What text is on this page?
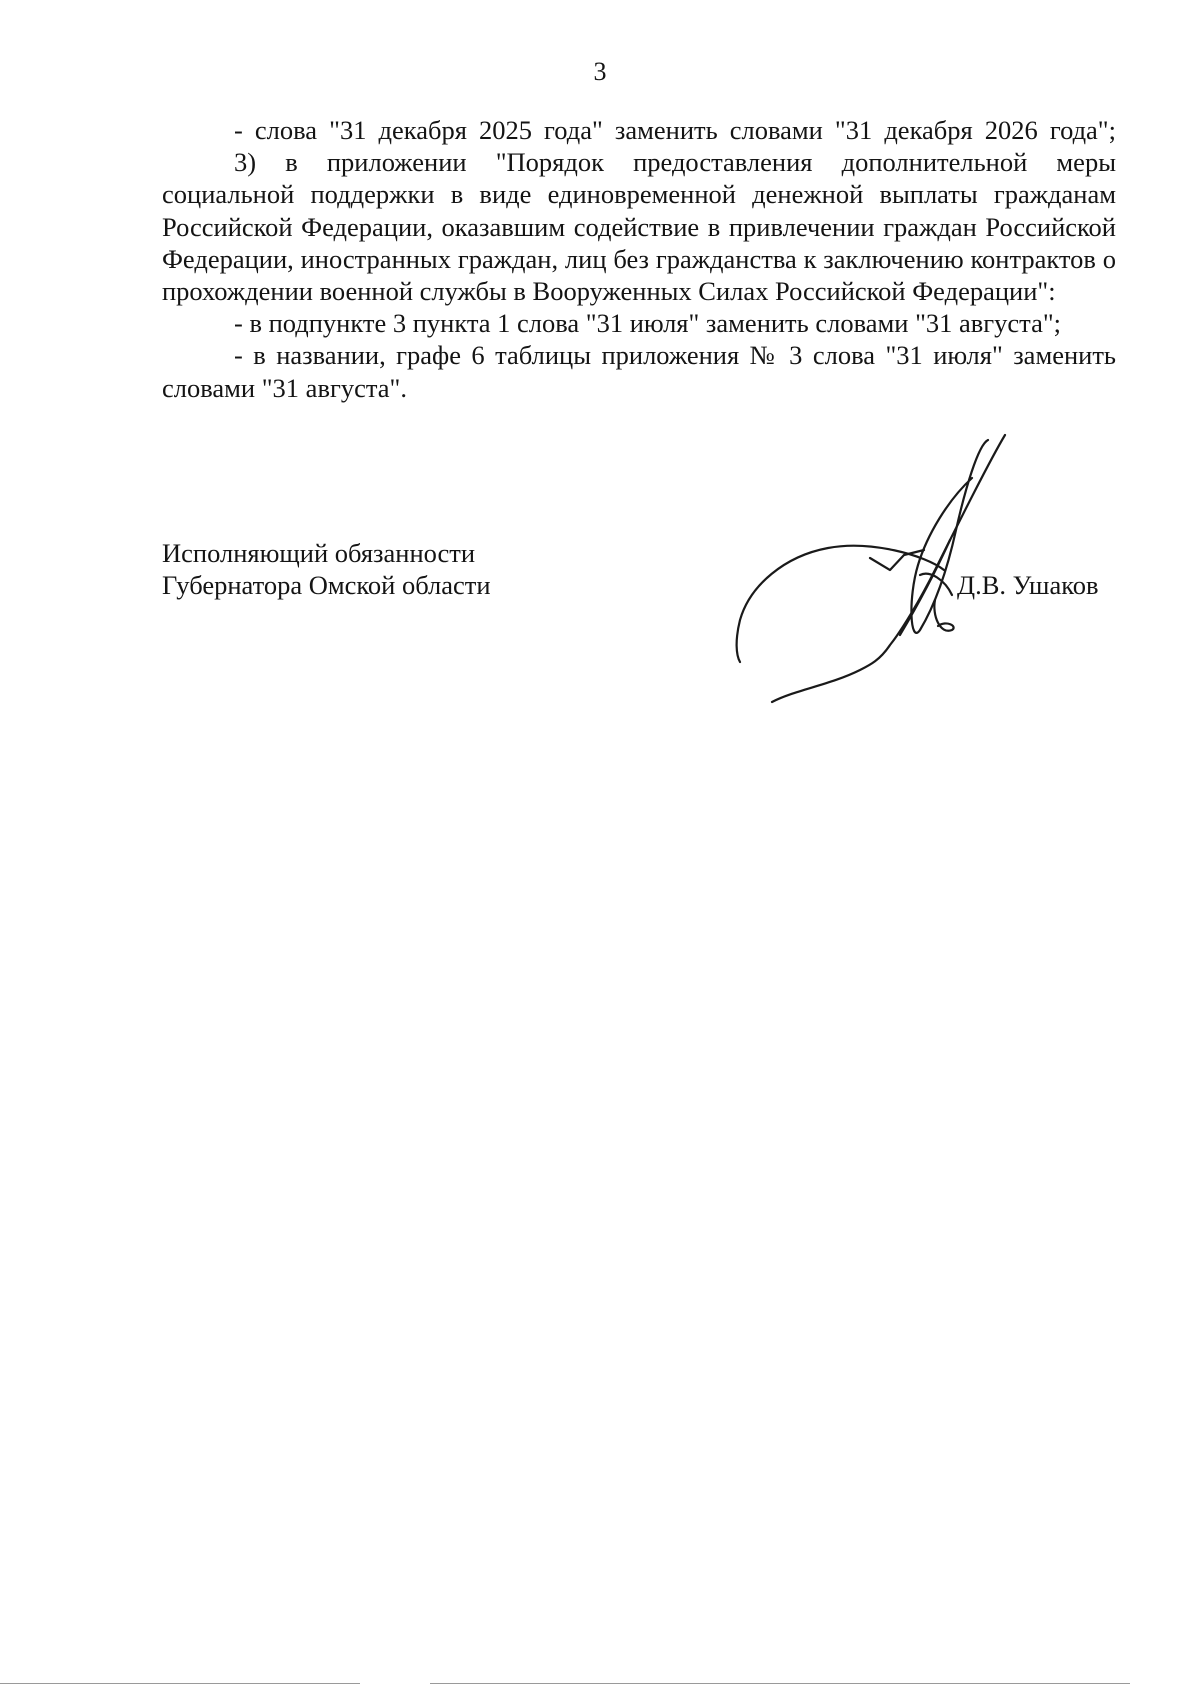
3

- слова "31 декабря 2025 года" заменить словами "31 декабря 2026 года";

3) в приложении "Порядок предоставления дополнительной меры социальной поддержки в виде единовременной денежной выплаты гражданам Российской Федерации, оказавшим содействие в привлечении граждан Российской Федерации, иностранных граждан, лиц без гражданства к заключению контрактов о прохождении военной службы в Вооруженных Силах Российской Федерации":

- в подпункте 3 пункта 1 слова "31 июля" заменить словами "31 августа";

- в названии, графе 6 таблицы приложения № 3 слова "31 июля" заменить словами "31 августа".

Исполняющий обязанности
Губернатора Омской области	Д.В. Ушаков
